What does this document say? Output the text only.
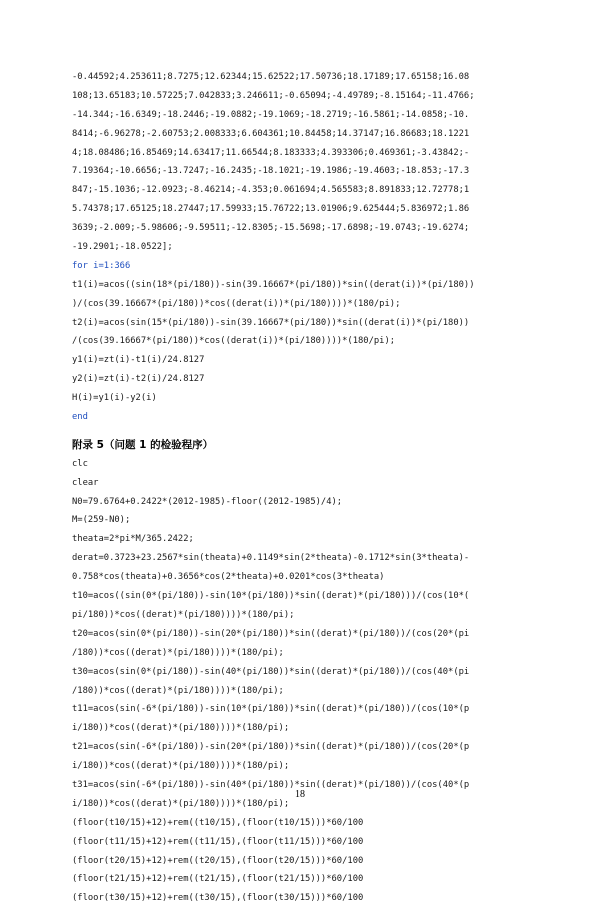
-0.44592;4.253611;8.7275;12.62344;15.62522;17.50736;18.17189;17.65158;16.08
108;13.65183;10.57225;7.042833;3.246611;-0.65094;-4.49789;-8.15164;-11.4766;
-14.344;-16.6349;-18.2446;-19.0882;-19.1069;-18.2719;-16.5861;-14.0858;-10.
8414;-6.96278;-2.60753;2.008333;6.604361;10.84458;14.37147;16.86683;18.1221
4;18.08486;16.85469;14.63417;11.66544;8.183333;4.393306;0.469361;-3.43842;-
7.19364;-10.6656;-13.7247;-16.2435;-18.1021;-19.1986;-19.4603;-18.853;-17.3
847;-15.1036;-12.0923;-8.46214;-4.353;0.061694;4.565583;8.891833;12.72778;1
5.74378;17.65125;18.27447;17.59933;15.76722;13.01906;9.625444;5.836972;1.86
3639;-2.009;-5.98606;-9.59511;-12.8305;-15.5698;-17.6898;-19.0743;-19.6274;
-19.2901;-18.0522];
for i=1:366
t1(i)=acos((sin(18*(pi/180))-sin(39.16667*(pi/180))*sin((derat(i))*(pi/180))
)/(cos(39.16667*(pi/180))*cos((derat(i))*(pi/180))))*(180/pi);
t2(i)=acos(sin(15*(pi/180))-sin(39.16667*(pi/180))*sin((derat(i))*(pi/180))
/(cos(39.16667*(pi/180))*cos((derat(i))*(pi/180))))*(180/pi);
y1(i)=zt(i)-t1(i)/24.8127
y2(i)=zt(i)-t2(i)/24.8127
H(i)=y1(i)-y2(i)
end
附录 5（问题 1 的检验程序）
clc
clear
N0=79.6764+0.2422*(2012-1985)-floor((2012-1985)/4);
M=(259-N0);
theata=2*pi*M/365.2422;
derat=0.3723+23.2567*sin(theata)+0.1149*sin(2*theata)-0.1712*sin(3*theata)-
0.758*cos(theata)+0.3656*cos(2*theata)+0.0201*cos(3*theata)
t10=acos((sin(0*(pi/180))-sin(10*(pi/180))*sin((derat)*(pi/180)))/(cos(10*(
pi/180))*cos((derat)*(pi/180))))*(180/pi);
t20=acos(sin(0*(pi/180))-sin(20*(pi/180))*sin((derat)*(pi/180))/(cos(20*(pi
/180))*cos((derat)*(pi/180))))*(180/pi);
t30=acos(sin(0*(pi/180))-sin(40*(pi/180))*sin((derat)*(pi/180))/(cos(40*(pi
/180))*cos((derat)*(pi/180))))*(180/pi);
t11=acos(sin(-6*(pi/180))-sin(10*(pi/180))*sin((derat)*(pi/180))/(cos(10*(p
i/180))*cos((derat)*(pi/180))))*(180/pi);
t21=acos(sin(-6*(pi/180))-sin(20*(pi/180))*sin((derat)*(pi/180))/(cos(20*(p
i/180))*cos((derat)*(pi/180))))*(180/pi);
t31=acos(sin(-6*(pi/180))-sin(40*(pi/180))*sin((derat)*(pi/180))/(cos(40*(p
i/180))*cos((derat)*(pi/180))))*(180/pi);
(floor(t10/15)+12)+rem((t10/15),(floor(t10/15)))*60/100
(floor(t11/15)+12)+rem((t11/15),(floor(t11/15)))*60/100
(floor(t20/15)+12)+rem((t20/15),(floor(t20/15)))*60/100
(floor(t21/15)+12)+rem((t21/15),(floor(t21/15)))*60/100
(floor(t30/15)+12)+rem((t30/15),(floor(t30/15)))*60/100
18
